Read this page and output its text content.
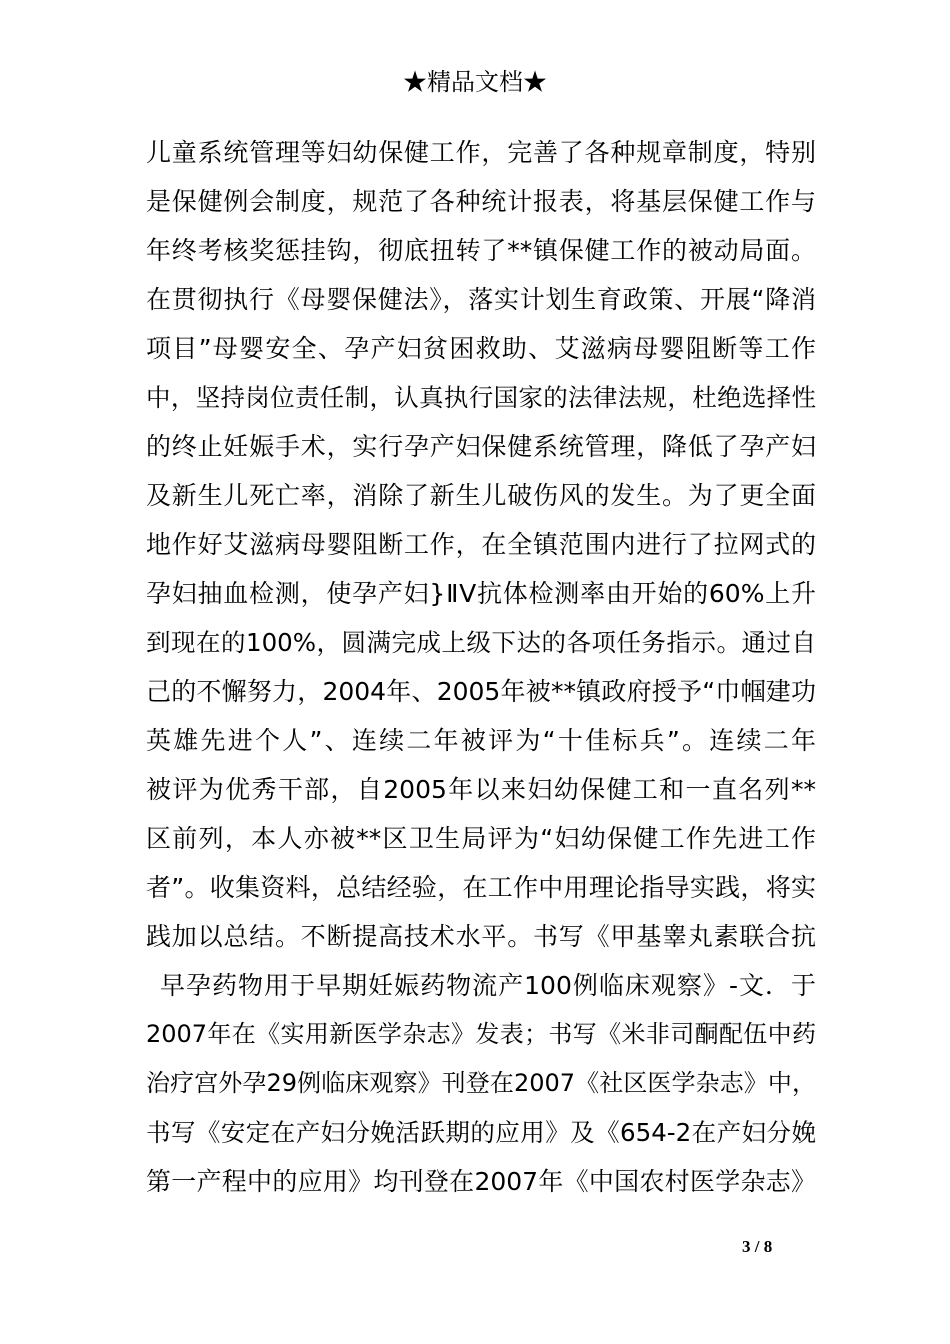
★精品文档★
儿童系统管理等妇幼保健工作，完善了各种规章制度，特别
是保健例会制度，规范了各种统计报表，将基层保健工作与
年终考核奖惩挂钩，彻底扭转了**镇保健工作的被动局面。
在贯彻执行《母婴保健法》，落实计划生育政策、开展“降消
项目”母婴安全、孕产妇贫困救助、艾滋病母婴阻断等工作
中，坚持岗位责任制，认真执行国家的法律法规，杜绝选择性
的终止妊娠手术，实行孕产妇保健系统管理，降低了孕产妇
及新生儿死亡率，消除了新生儿破伤风的发生。为了更全面
地作好艾滋病母婴阻断工作，在全镇范围内进行了拉网式的
孕妇抽血检测，使孕产妇}ⅡV抗体检测率由开始的60%上升
到现在的100%，圆满完成上级下达的各项任务指示。通过自
己的不懈努力，2004年、2005年被**镇政府授予“巾帼建功
英雄先进个人”、连续二年被评为“十佳标兵”。连续二年
被评为优秀干部，自2005年以来妇幼保健工和一直名列**
区前列，本人亦被**区卫生局评为“妇幼保健工作先进工作
者”。收集资料，总结经验，在工作中用理论指导实践，将实
践加以总结。不断提高技术水平。书写《甲基睾丸素联合抗
早孕药物用于早期妊娠药物流产100例临床观察》-文．于
2007年在《实用新医学杂志》发表；书写《米非司酮配伍中药
治疗宫外孕29例临床观察》刊登在2007《社区医学杂志》中，
书写《安定在产妇分娩活跃期的应用》及《654-2在产妇分娩
第一产程中的应用》均刊登在2007年《中国农村医学杂志》
3 / 8
